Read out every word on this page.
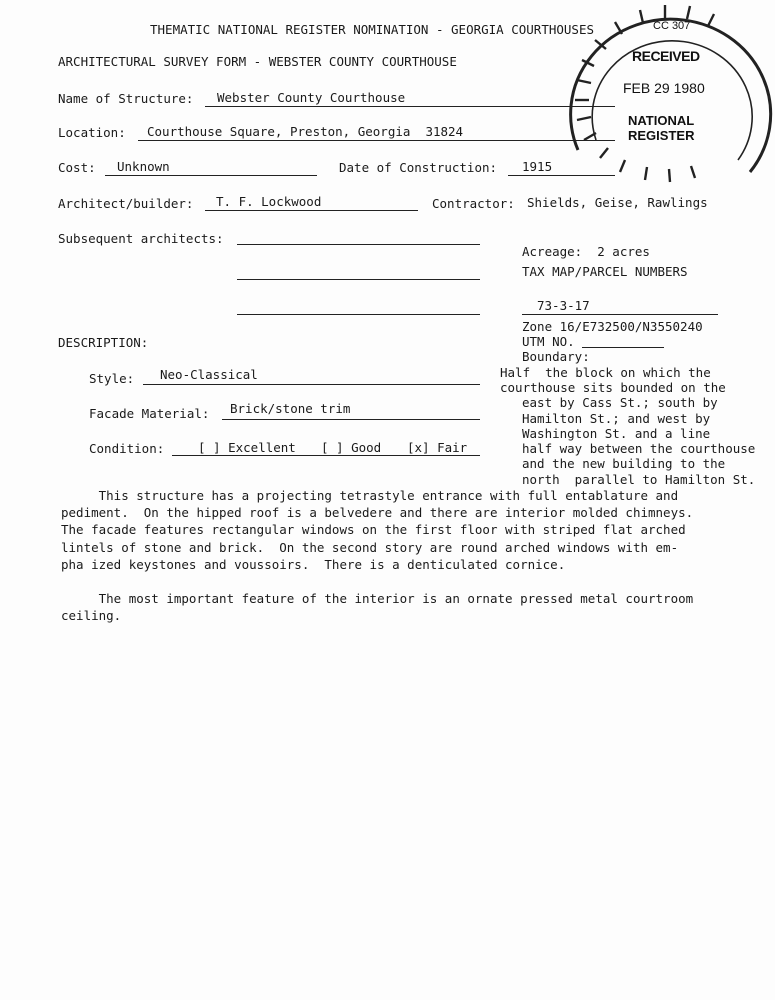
THEMATIC NATIONAL REGISTER NOMINATION - GEORGIA COURTHOUSES
ARCHITECTURAL SURVEY FORM - WEBSTER COUNTY COURTHOUSE
Name of Structure: Webster County Courthouse
Location: Courthouse Square, Preston, Georgia  31824
Cost: Unknown	Date of Construction: 1915
Architect/builder: T. F. Lockwood	Contractor: Shields, Geise, Rawlings
Subsequent architects:
Acreage:  2 acres
TAX MAP/PARCEL NUMBERS
73-3-17
Zone 16/E732500/N3550240
UTM NO.
Boundary:
Half  the block on which the
courthouse sits bounded on the
east by Cass St.; south by
Hamilton St.; and west by
Washington St. and a line
half way between the courthouse
and the new building to the
north  parallel to Hamilton St.
DESCRIPTION:
Style: Neo-Classical
Facade Material: Brick/stone trim
Condition:	[ ] Excellent [ ] Good [x] Fair
This structure has a projecting tetrastyle entrance with full entablature and
pediment.  On the hipped roof is a belvedere and there are interior molded chimneys.
The facade features rectangular windows on the first floor with striped flat arched
lintels of stone and brick.  On the second story are round arched windows with em-
pha ized keystones and voussoirs.  There is a denticulated cornice.
The most important feature of the interior is an ornate pressed metal courtroom
ceiling.
RECEIVED
FEB 29 1980
NATIONAL
REGISTER
CC 307
